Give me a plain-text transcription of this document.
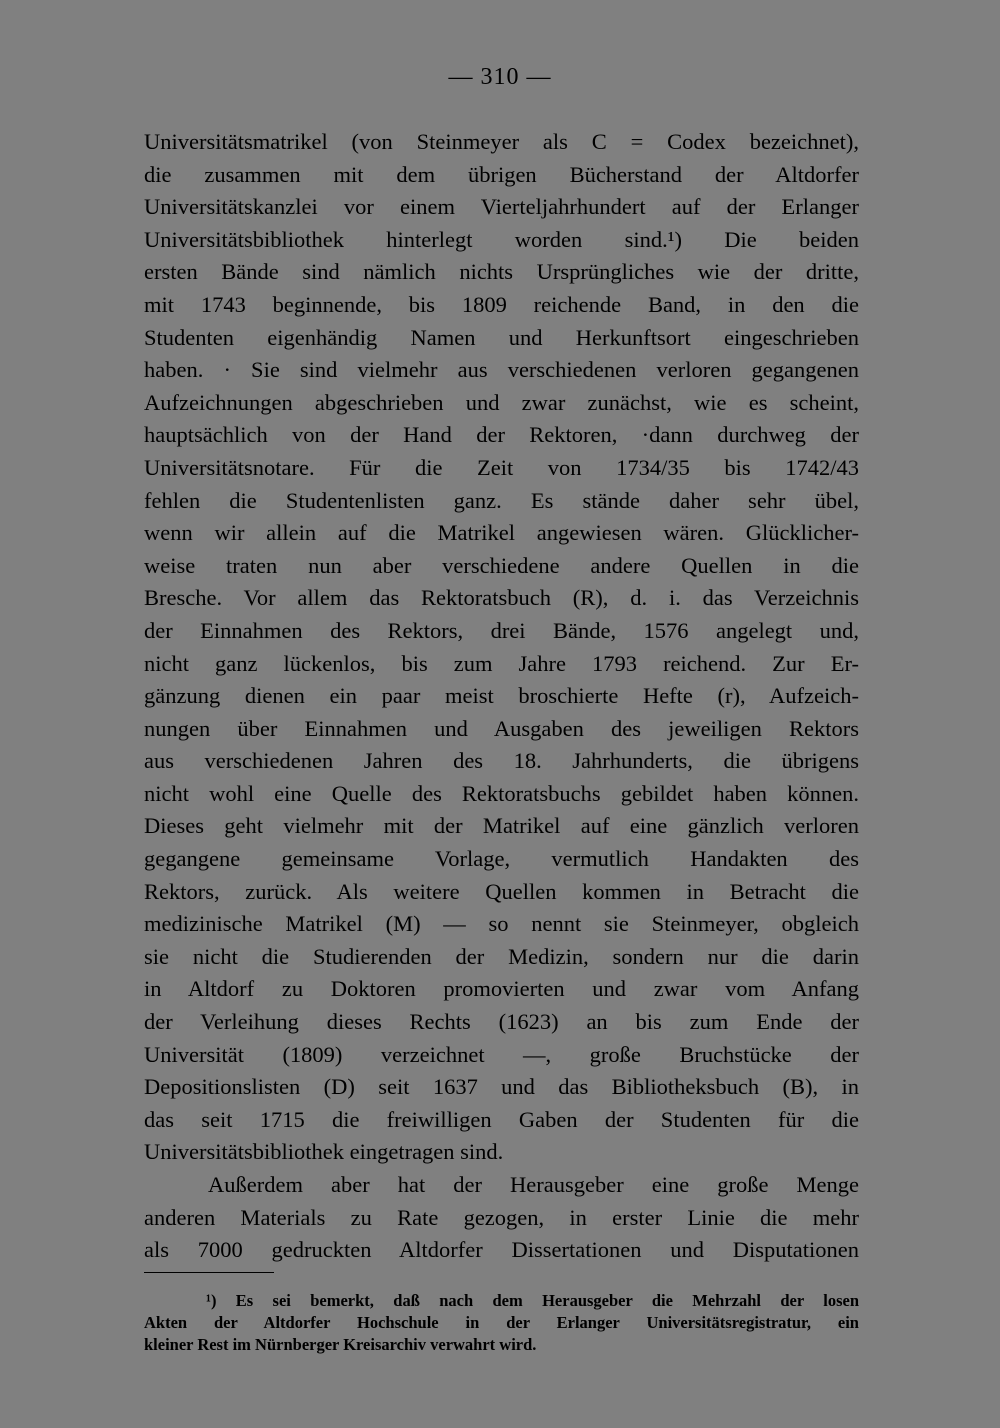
— 310 —
Universitätsmatrikel (von Steinmeyer als C = Codex bezeichnet),
die zusammen mit dem übrigen Bücherstand der Altdorfer
Universitätskanzlei vor einem Vierteljahrhundert auf der Erlanger
Universitätsbibliothek hinterlegt worden sind.¹) Die beiden
ersten Bände sind nämlich nichts Ursprüngliches wie der dritte,
mit 1743 beginnende, bis 1809 reichende Band, in den die
Studenten eigenhändig Namen und Herkunftsort eingeschrieben
haben. · Sie sind vielmehr aus verschiedenen verloren gegangenen
Aufzeichnungen abgeschrieben und zwar zunächst, wie es scheint,
hauptsächlich von der Hand der Rektoren, ·dann durchweg der
Universitätsnotare. Für die Zeit von 1734/35 bis 1742/43
fehlen die Studentenlisten ganz. Es stände daher sehr übel,
wenn wir allein auf die Matrikel angewiesen wären. Glücklicher-
weise traten nun aber verschiedene andere Quellen in die
Bresche. Vor allem das Rektoratsbuch (R), d. i. das Verzeichnis
der Einnahmen des Rektors, drei Bände, 1576 angelegt und,
nicht ganz lückenlos, bis zum Jahre 1793 reichend. Zur Er-
gänzung dienen ein paar meist broschierte Hefte (r), Aufzeich-
nungen über Einnahmen und Ausgaben des jeweiligen Rektors
aus verschiedenen Jahren des 18. Jahrhunderts, die übrigens
nicht wohl eine Quelle des Rektoratsbuchs gebildet haben können.
Dieses geht vielmehr mit der Matrikel auf eine gänzlich verloren
gegangene gemeinsame Vorlage, vermutlich Handakten des
Rektors, zurück. Als weitere Quellen kommen in Betracht die
medizinische Matrikel (M) — so nennt sie Steinmeyer, obgleich
sie nicht die Studierenden der Medizin, sondern nur die darin
in Altdorf zu Doktoren promovierten und zwar vom Anfang
der Verleihung dieses Rechts (1623) an bis zum Ende der
Universität (1809) verzeichnet —, große Bruchstücke der
Depositionslisten (D) seit 1637 und das Bibliotheksbuch (B), in
das seit 1715 die freiwilligen Gaben der Studenten für die
Universitätsbibliothek eingetragen sind.
Außerdem aber hat der Herausgeber eine große Menge
anderen Materials zu Rate gezogen, in erster Linie die mehr
als 7000 gedruckten Altdorfer Dissertationen und Disputationen
¹) Es sei bemerkt, daß nach dem Herausgeber die Mehrzahl der losen
Akten der Altdorfer Hochschule in der Erlanger Universitätsregistratur, ein
kleiner Rest im Nürnberger Kreisarchiv verwahrt wird.
